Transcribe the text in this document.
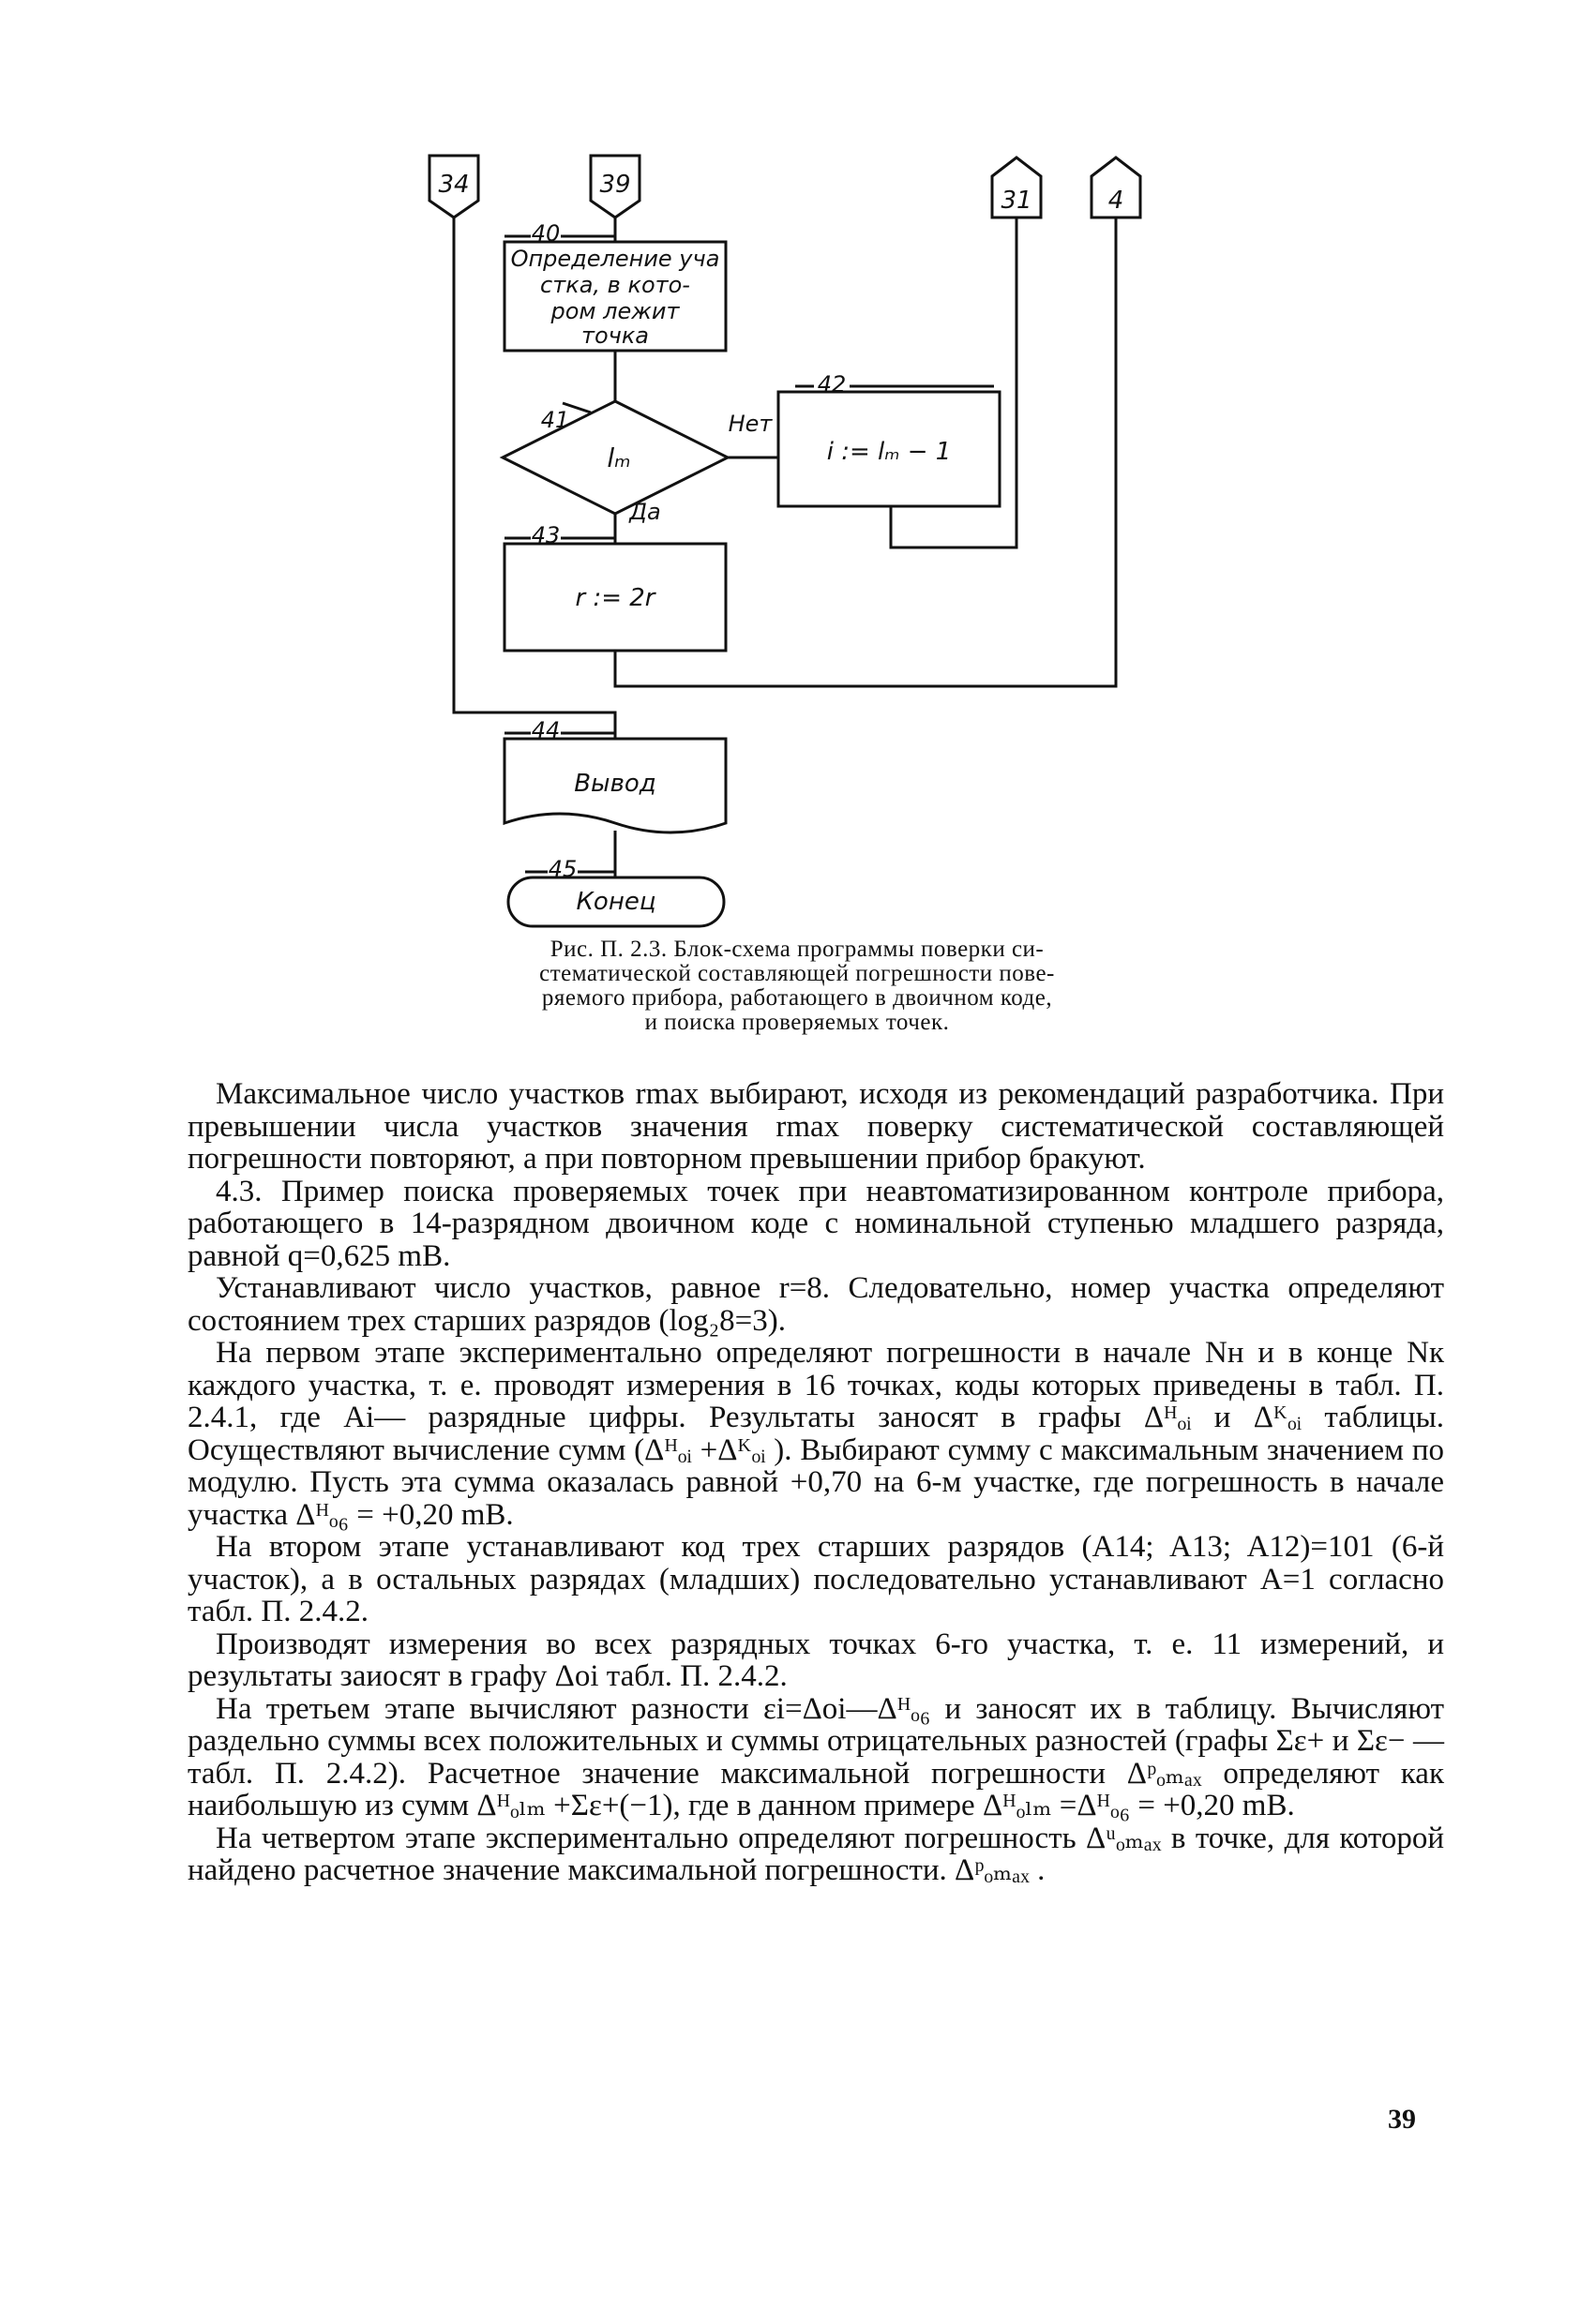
34	39
31	4
40
41
42
43
44
45
Определение уча
стка, в кото-
ром лежит
точка
lₘ	i := lₘ − 1
r := 2r
Вывод
Конец
Нет
Да
Рис. П. 2.3. Блок-схема программы поверки си-
стематической составляющей погрешности пове-
ряемого прибора, работающего в двоичном коде,
и поиска проверяемых точек.

Максимальное число участков rmax выбирают, исходя из рекомендаций разработчика. При превышении числа участков значения rmax поверку систематической составляющей погрешности повторяют, а при повторном превышении прибор бракуют.

4.3. Пример поиска проверяемых точек при неавтоматизированном контроле прибора, работающего в 14-разрядном двоичном коде с номинальной ступенью младшего разряда, равной q=0,625 mВ.

Устанавливают число участков, равное r=8. Следовательно, номер участка определяют состоянием трех старших разрядов (log₂8=3).

На первом этапе экспериментально определяют погрешности в начале Nн и в конце Nк каждого участка, т. е. проводят измерения в 16 точках, коды которых приведены в табл. П. 2.4.1, где Ai— разрядные цифры. Результаты заносят в графы Δᴴₒᵢ и Δᴷₒᵢ таблицы. Осуществляют вычисление сумм (Δᴴₒᵢ +Δᴷₒᵢ ). Выбирают сумму с максимальным значением по модулю. Пусть эта сумма оказалась равной +0,70 на 6-м участке, где погрешность в начале участка Δᴴₒ₆ = +0,20 mВ.

На втором этапе устанавливают код трех старших разрядов (A14; A13; A12)=101 (6-й участок), а в остальных разрядах (младших) последовательно устанавливают A=1 согласно табл. П. 2.4.2.

Производят измерения во всех разрядных точках 6-го участка, т. е. 11 измерений, и результаты заиосят в графу Δoi табл. П. 2.4.2.

На третьем этапе вычисляют разности εi=Δoi—Δᴴₒ₆ и заносят их в таблицу. Вычисляют раздельно суммы всех положительных и суммы отрицательных разностей (графы Σε+ и Σε− —табл. П. 2.4.2). Расчетное значение максимальной погрешности Δᵖₒₘₐₓ определяют как наибольшую из сумм Δᴴₒₗₘ +Σε+(−1), где в данном примере Δᴴₒₗₘ =Δᴴₒ₆ = +0,20 mВ.

На четвертом этапе экспериментально определяют погрешность Δᵘₒₘₐₓ в точке, для которой найдено расчетное значение максимальной погрешности. Δᵖₒₘₐₓ .

39
